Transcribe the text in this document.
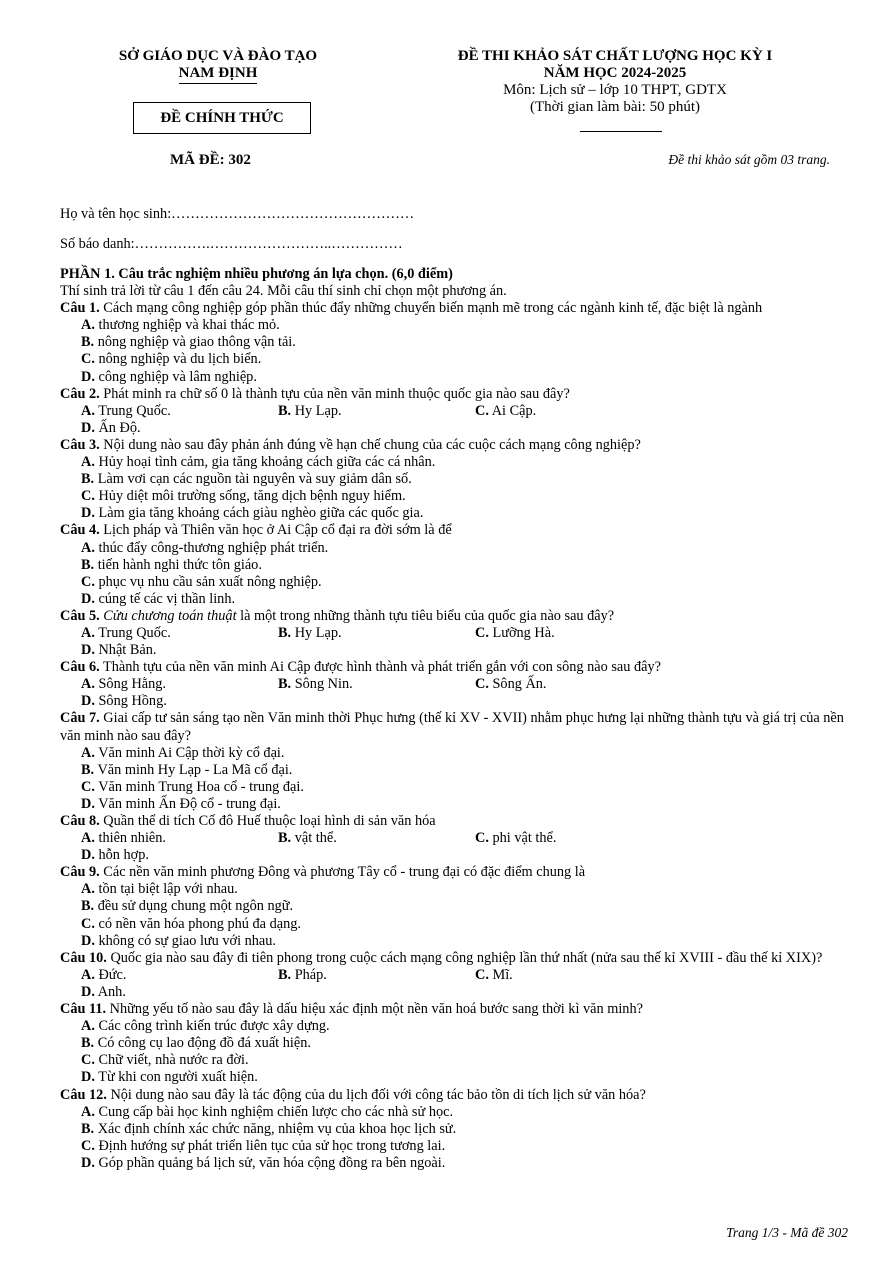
SỞ GIÁO DỤC VÀ ĐÀO TẠO
NAM ĐỊNH
ĐỀ CHÍNH THỨC
MÃ ĐỀ: 302
ĐỀ THI KHẢO SÁT CHẤT LƯỢNG HỌC KỲ I
NĂM HỌC 2024-2025
Môn: Lịch sử – lớp 10 THPT, GDTX
(Thời gian làm bài: 50 phút)
Đề thi khảo sát gồm 03 trang.
Họ và tên học sinh:……………………………………………
Số báo danh:…………….……………………..……………
PHẦN 1. Câu trắc nghiệm nhiều phương án lựa chọn. (6,0 điểm)
Thí sinh trả lời từ câu 1 đến câu 24. Mỗi câu thí sinh chỉ chọn một phương án.
Câu 1. Cách mạng công nghiệp góp phần thúc đẩy những chuyển biến mạnh mẽ trong các ngành kinh tế, đặc biệt là ngành
A. thương nghiệp và khai thác mỏ.
B. nông nghiệp và giao thông vận tải.
C. nông nghiệp và du lịch biển.
D. công nghiệp và lâm nghiệp.
Câu 2. Phát minh ra chữ số 0 là thành tựu của nền văn minh thuộc quốc gia nào sau đây?
A. Trung Quốc.	B. Hy Lạp.	C. Ai Cập.
D. Ấn Độ.
Câu 3. Nội dung nào sau đây phản ánh đúng về hạn chế chung của các cuộc cách mạng công nghiệp?
A. Hủy hoại tình cảm, gia tăng khoảng cách giữa các cá nhân.
B. Làm vơi cạn các nguồn tài nguyên và suy giảm dân số.
C. Hủy diệt môi trường sống, tăng dịch bệnh nguy hiểm.
D. Làm gia tăng khoảng cách giàu nghèo giữa các quốc gia.
Câu 4. Lịch pháp và Thiên văn học ở Ai Cập cổ đại ra đời sớm là để
A. thúc đẩy công-thương nghiệp phát triển.
B. tiến hành nghi thức tôn giáo.
C. phục vụ nhu cầu sản xuất nông nghiệp.
D. cúng tế các vị thần linh.
Câu 5. Cửu chương toán thuật là một trong những thành tựu tiêu biểu của quốc gia nào sau đây?
A. Trung Quốc.	B. Hy Lạp.	C. Lưỡng Hà.
D. Nhật Bản.
Câu 6. Thành tựu của nền văn minh Ai Cập được hình thành và phát triển gắn với con sông nào sau đây?
A. Sông Hằng.	B. Sông Nin.	C. Sông Ấn.
D. Sông Hồng.
Câu 7. Giai cấp tư sản sáng tạo nền Văn minh thời Phục hưng (thế kỉ XV - XVII) nhằm phục hưng lại những thành tựu và giá trị của nền văn minh nào sau đây?
A. Văn minh Ai Cập thời kỳ cổ đại.
B. Văn minh Hy Lạp - La Mã cổ đại.
C. Văn minh Trung Hoa cổ - trung đại.
D. Văn minh Ấn Độ cổ - trung đại.
Câu 8. Quần thể di tích Cố đô Huế thuộc loại hình di sản văn hóa
A. thiên nhiên.	B. vật thể.	C. phi vật thể.
D. hỗn hợp.
Câu 9. Các nền văn minh phương Đông và phương Tây cổ - trung đại có đặc điểm chung là
A. tồn tại biệt lập với nhau.
B. đều sử dụng chung một ngôn ngữ.
C. có nền văn hóa phong phú đa dạng.
D. không có sự giao lưu với nhau.
Câu 10. Quốc gia nào sau đây đi tiên phong trong cuộc cách mạng công nghiệp lần thứ nhất (nửa sau thế kỉ XVIII - đầu thế kỉ XIX)?
A. Đức.	B. Pháp.	C. Mĩ.
D. Anh.
Câu 11. Những yếu tố nào sau đây là dấu hiệu xác định một nền văn hoá bước sang thời kì văn minh?
A. Các công trình kiến trúc được xây dựng.
B. Có công cụ lao động đồ đá xuất hiện.
C. Chữ viết, nhà nước ra đời.
D. Từ khi con người xuất hiện.
Câu 12. Nội dung nào sau đây là tác động của du lịch đối với công tác bảo tồn di tích lịch sử văn hóa?
A. Cung cấp bài học kinh nghiệm chiến lược cho các nhà sử học.
B. Xác định chính xác chức năng, nhiệm vụ của khoa học lịch sử.
C. Định hướng sự phát triển liên tục của sử học trong tương lai.
D. Góp phần quảng bá lịch sử, văn hóa cộng đồng ra bên ngoài.
Trang 1/3 - Mã đề 302
